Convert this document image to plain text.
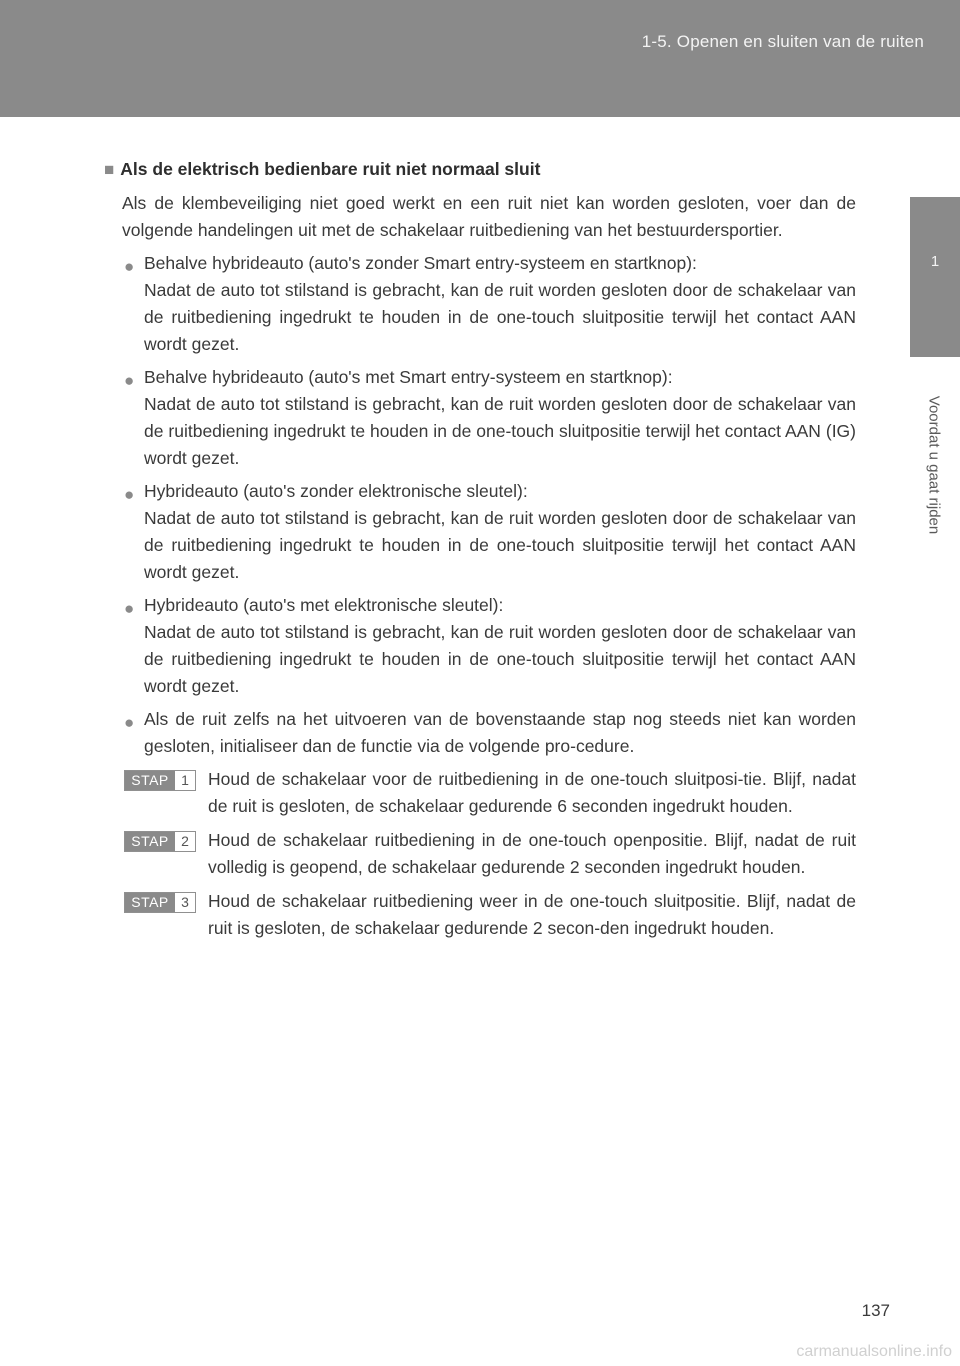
1-5. Openen en sluiten van de ruiten
1
Voordat u gaat rijden
■ Als de elektrisch bedienbare ruit niet normaal sluit

Als de klembeveiliging niet goed werkt en een ruit niet kan worden gesloten, voer dan de volgende handelingen uit met de schakelaar ruitbediening van het bestuurdersportier.

● Behalve hybrideauto (auto's zonder Smart entry-systeem en startknop):
Nadat de auto tot stilstand is gebracht, kan de ruit worden gesloten door de schakelaar van de ruitbediening ingedrukt te houden in de one-touch sluitpositie terwijl het contact AAN wordt gezet.

● Behalve hybrideauto (auto's met Smart entry-systeem en startknop):
Nadat de auto tot stilstand is gebracht, kan de ruit worden gesloten door de schakelaar van de ruitbediening ingedrukt te houden in de one-touch sluitpositie terwijl het contact AAN (IG) wordt gezet.

● Hybrideauto (auto's zonder elektronische sleutel):
Nadat de auto tot stilstand is gebracht, kan de ruit worden gesloten door de schakelaar van de ruitbediening ingedrukt te houden in de one-touch sluitpositie terwijl het contact AAN wordt gezet.

● Hybrideauto (auto's met elektronische sleutel):
Nadat de auto tot stilstand is gebracht, kan de ruit worden gesloten door de schakelaar van de ruitbediening ingedrukt te houden in de one-touch sluitpositie terwijl het contact AAN wordt gezet.

● Als de ruit zelfs na het uitvoeren van de bovenstaande stap nog steeds niet kan worden gesloten, initialiseer dan de functie via de volgende pro-cedure.

STAP 1	Houd de schakelaar voor de ruitbediening in de one-touch sluitposi-tie. Blijf, nadat de ruit is gesloten, de schakelaar gedurende 6 seconden ingedrukt houden.

STAP 2	Houd de schakelaar ruitbediening in de one-touch openpositie. Blijf, nadat de ruit volledig is geopend, de schakelaar gedurende 2 seconden ingedrukt houden.

STAP 3	Houd de schakelaar ruitbediening weer in de one-touch sluitpositie. Blijf, nadat de ruit is gesloten, de schakelaar gedurende 2 secon-den ingedrukt houden.

137
carmanualsonline.info
